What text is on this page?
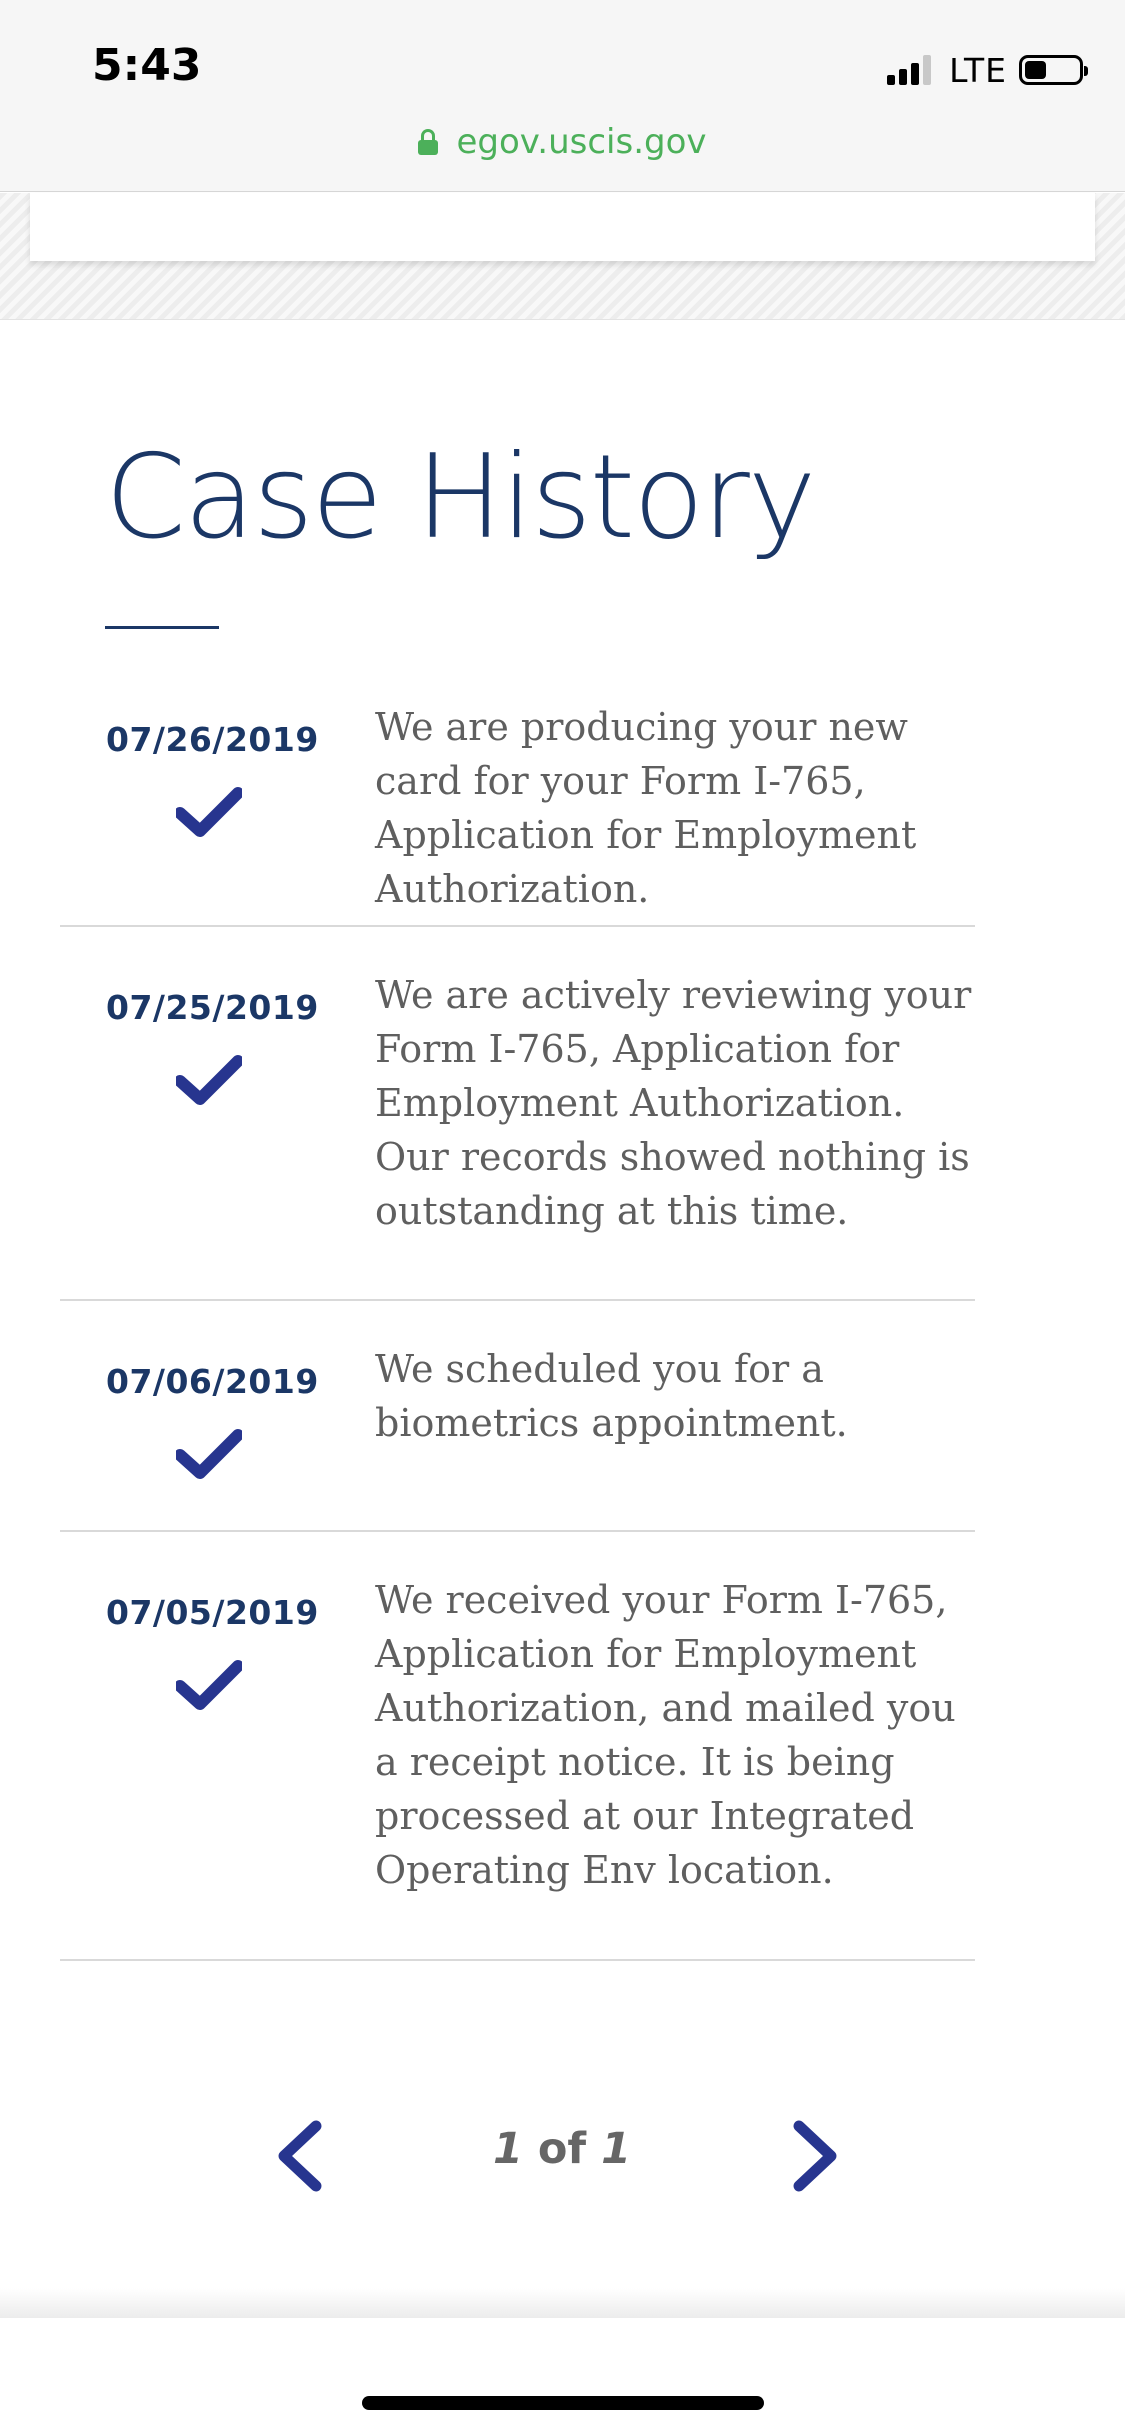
5:43	LTE
egov.uscis.gov
Case History
07/26/2019 We are producing your new card for your Form I-765, Application for Employment Authorization.
07/25/2019 We are actively reviewing your Form I-765, Application for Employment Authorization. Our records showed nothing is outstanding at this time.
07/06/2019 We scheduled you for a biometrics appointment.
07/05/2019 We received your Form I-765, Application for Employment Authorization, and mailed you a receipt notice. It is being processed at our Integrated Operating Env location.
1 of 1
